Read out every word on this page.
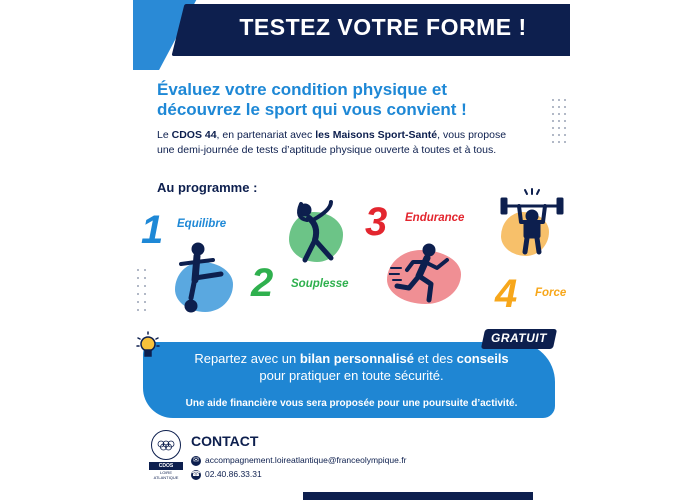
TESTEZ VOTRE FORME !
Évaluez votre condition physique et
découvrez le sport qui vous convient !
Le CDOS 44, en partenariat avec les Maisons Sport-Santé, vous propose
une demi-journée de tests d’aptitude physique ouverte à toutes et à tous.
Au programme :
1 Equilibre
2 Souplesse
3 Endurance
4 Force
GRATUIT
Repartez avec un bilan personnalisé et des conseils
pour pratiquer en toute sécurité.
Une aide financière vous sera proposée pour une poursuite d’activité.
CDOS
LOIRE
ATLANTIQUE
CONTACT
✉ accompagnement.loireatlantique@franceolympique.fr
☎ 02.40.86.33.31
